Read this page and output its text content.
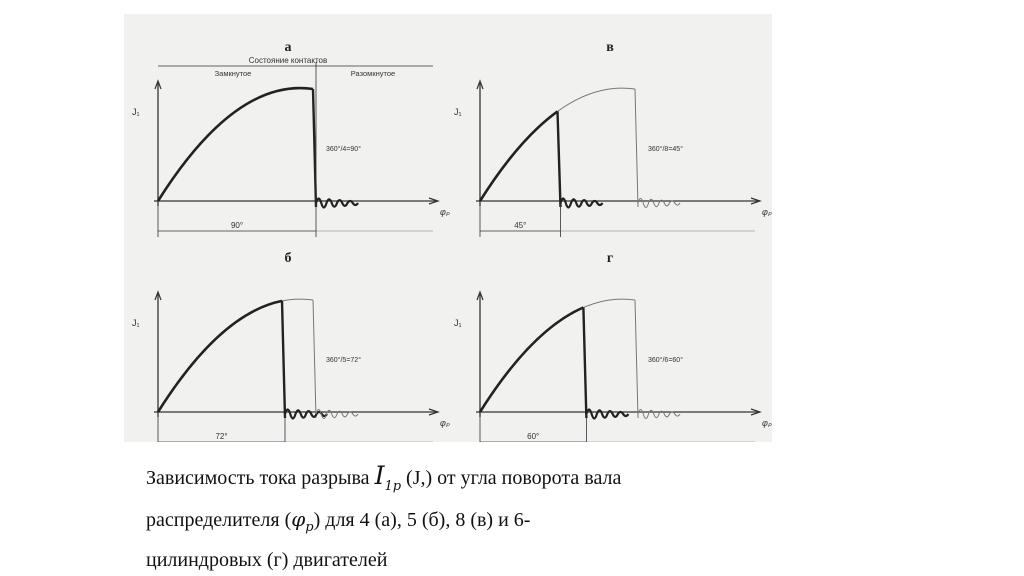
а
J₁
φₚ
360°/4=90°
90°
Состояние контактов
Замкнутое	Разомкнутое
в
J₁
φₚ
360°/8=45°
45°
б
J₁
φₚ
360°/5=72°
72°
г
J₁
φₚ
360°/6=60°
60°
Зависимость тока разрыва $I_{1p}$ (J,) от угла поворота вала
распределителя $(\varphi_р)$ для 4 (а), 5 (б), 8 (в) и 6-
цилиндровых (г) двигателей
